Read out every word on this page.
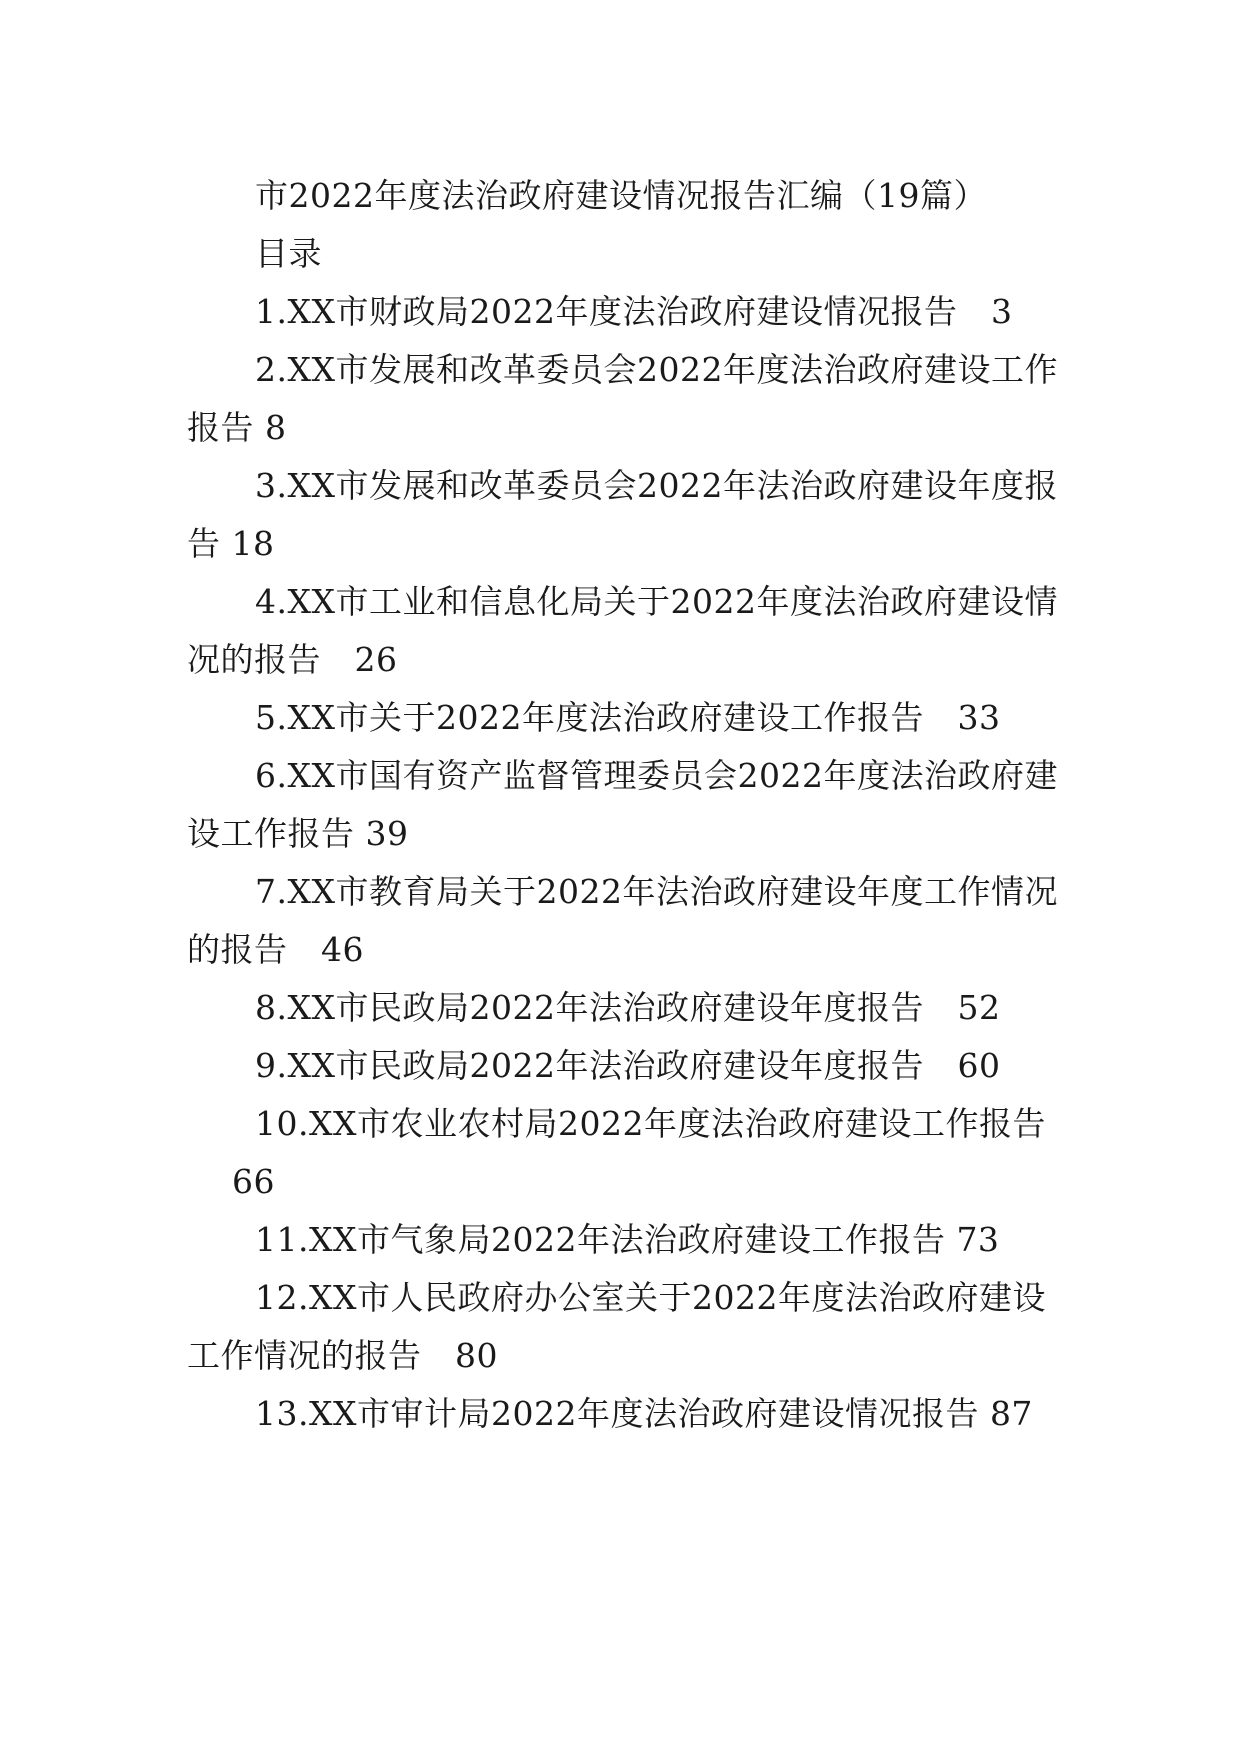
市2022年度法治政府建设情况报告汇编（19篇）
目录
1.XX市财政局2022年度法治政府建设情况报告　3
2.XX市发展和改革委员会2022年度法治政府建设工作
报告 8
3.XX市发展和改革委员会2022年法治政府建设年度报
告 18
4.XX市工业和信息化局关于2022年度法治政府建设情
况的报告　26
5.XX市关于2022年度法治政府建设工作报告　33
6.XX市国有资产监督管理委员会2022年度法治政府建
设工作报告 39
7.XX市教育局关于2022年法治政府建设年度工作情况
的报告　46
8.XX市民政局2022年法治政府建设年度报告　52
9.XX市民政局2022年法治政府建设年度报告　60
10.XX市农业农村局2022年度法治政府建设工作报告
66
11.XX市气象局2022年法治政府建设工作报告 73
12.XX市人民政府办公室关于2022年度法治政府建设
工作情况的报告　80
13.XX市审计局2022年度法治政府建设情况报告 87
